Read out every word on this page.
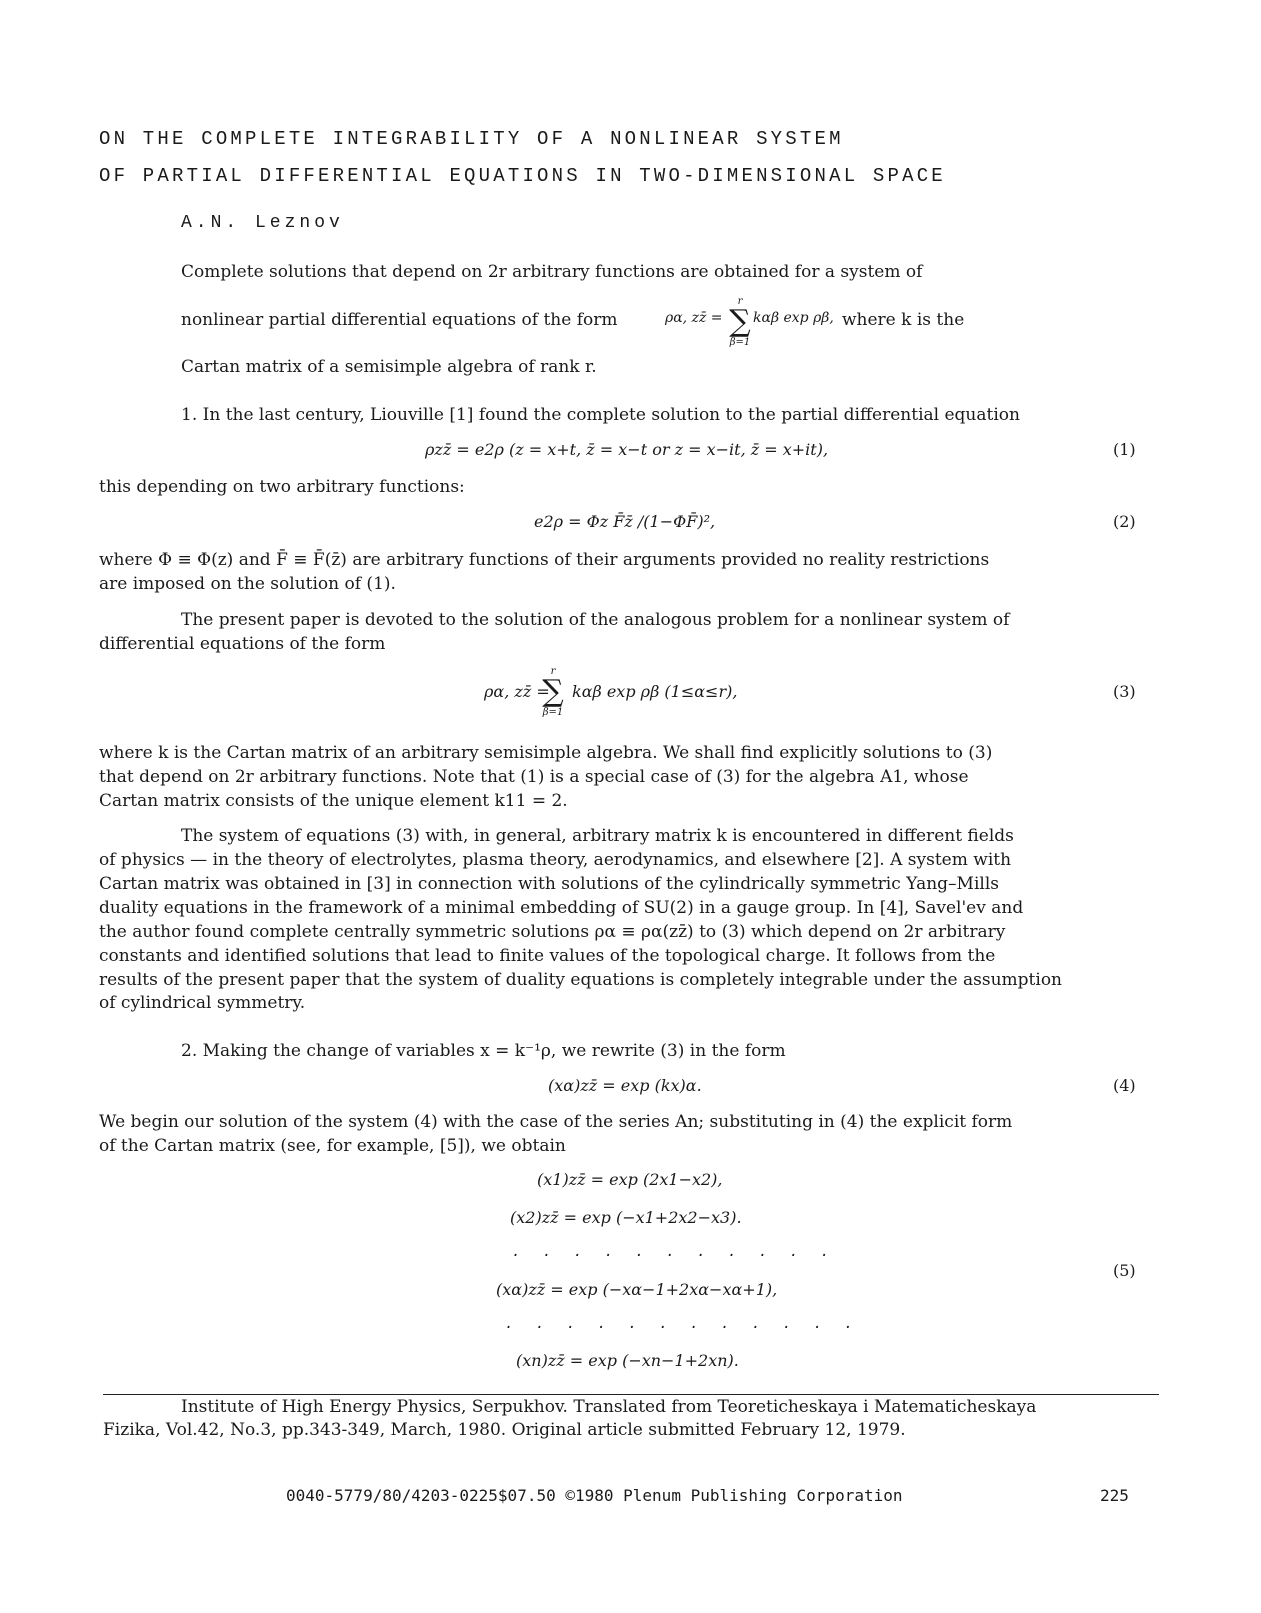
ON THE COMPLETE INTEGRABILITY OF A NONLINEAR SYSTEM
OF PARTIAL DIFFERENTIAL EQUATIONS IN TWO-DIMENSIONAL SPACE
A.N. Leznov
Complete solutions that depend on 2r arbitrary functions are obtained for a system of
nonlinear partial differential equations of the form	ρα, zz̄ =
r
∑
β=1
kαβ exp ρβ, where k is the
Cartan matrix of a semisimple algebra of rank r.
1. In the last century, Liouville [1] found the complete solution to the partial differential equation
ρzz̄ = e2ρ (z = x+t, z̄ = x−t or z = x−it, z̄ = x+it),	(1)
this depending on two arbitrary functions:
e2ρ = Φz F̄z̄ /(1−ΦF̄)²,	(2)
where Φ ≡ Φ(z) and F̄ ≡ F̄(z̄) are arbitrary functions of their arguments provided no reality restrictions
are imposed on the solution of (1).
The present paper is devoted to the solution of the analogous problem for a nonlinear system of
differential equations of the form
ρα, zz̄ =
r
∑
β=1
kαβ exp ρβ (1≤α≤r),	(3)
where k is the Cartan matrix of an arbitrary semisimple algebra. We shall find explicitly solutions to (3)
that depend on 2r arbitrary functions. Note that (1) is a special case of (3) for the algebra A1, whose
Cartan matrix consists of the unique element k11 = 2.
The system of equations (3) with, in general, arbitrary matrix k is encountered in different fields
of physics — in the theory of electrolytes, plasma theory, aerodynamics, and elsewhere [2]. A system with
Cartan matrix was obtained in [3] in connection with solutions of the cylindrically symmetric Yang–Mills
duality equations in the framework of a minimal embedding of SU(2) in a gauge group. In [4], Savel'ev and
the author found complete centrally symmetric solutions ρα ≡ ρα(zz̄) to (3) which depend on 2r arbitrary
constants and identified solutions that lead to finite values of the topological charge. It follows from the
results of the present paper that the system of duality equations is completely integrable under the assumption
of cylindrical symmetry.
2. Making the change of variables x = k⁻¹ρ, we rewrite (3) in the form
(xα)zz̄ = exp (kx)α.	(4)
We begin our solution of the system (4) with the case of the series An; substituting in (4) the explicit form
of the Cartan matrix (see, for example, [5]), we obtain
(x1)zz̄ = exp (2x1−x2),
(x2)zz̄ = exp (−x1+2x2−x3).
. . . . . . . . . . .
(xα)zz̄ = exp (−xα−1+2xα−xα+1),
. . . . . . . . . . . .
(xn)zz̄ = exp (−xn−1+2xn).
(5)
Institute of High Energy Physics, Serpukhov. Translated from Teoreticheskaya i Matematicheskaya
Fizika, Vol.42, No.3, pp.343-349, March, 1980. Original article submitted February 12, 1979.
0040-5779/80/4203-0225$07.50 ©1980 Plenum Publishing Corporation	225
